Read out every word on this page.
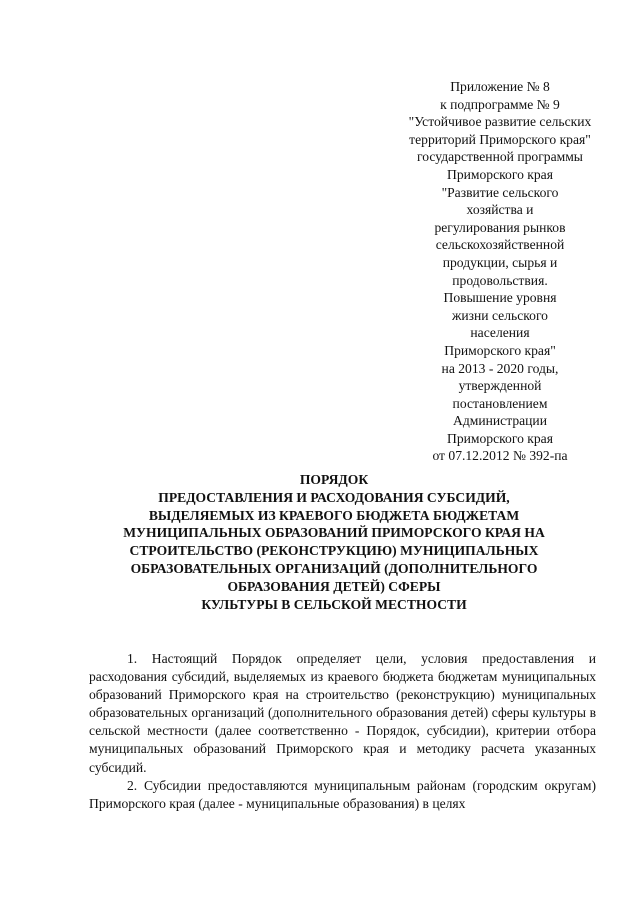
Приложение № 8
к подпрограмме № 9
"Устойчивое развитие сельских
территорий Приморского края"
государственной программы
Приморского края
"Развитие сельского
хозяйства и
регулирования рынков
сельскохозяйственной
продукции, сырья и
продовольствия.
Повышение уровня
жизни сельского
населения
Приморского края"
на 2013 - 2020 годы,
утвержденной
постановлением
Администрации
Приморского края
от 07.12.2012 № 392-па
ПОРЯДОК
ПРЕДОСТАВЛЕНИЯ И РАСХОДОВАНИЯ СУБСИДИЙ,
ВЫДЕЛЯЕМЫХ ИЗ КРАЕВОГО БЮДЖЕТА БЮДЖЕТАМ
МУНИЦИПАЛЬНЫХ ОБРАЗОВАНИЙ ПРИМОРСКОГО КРАЯ НА
СТРОИТЕЛЬСТВО (РЕКОНСТРУКЦИЮ) МУНИЦИПАЛЬНЫХ
ОБРАЗОВАТЕЛЬНЫХ ОРГАНИЗАЦИЙ (ДОПОЛНИТЕЛЬНОГО
ОБРАЗОВАНИЯ ДЕТЕЙ) СФЕРЫ
КУЛЬТУРЫ В СЕЛЬСКОЙ МЕСТНОСТИ

1. Настоящий Порядок определяет цели, условия предоставления и расходования субсидий, выделяемых из краевого бюджета бюджетам муниципальных образований Приморского края на строительство (реконструкцию) муниципальных образовательных организаций (дополнительного образования детей) сферы культуры в сельской местности (далее соответственно - Порядок, субсидии), критерии отбора муниципальных образований Приморского края и методику расчета указанных субсидий.

2. Субсидии предоставляются муниципальным районам (городским округам) Приморского края (далее - муниципальные образования) в целях
